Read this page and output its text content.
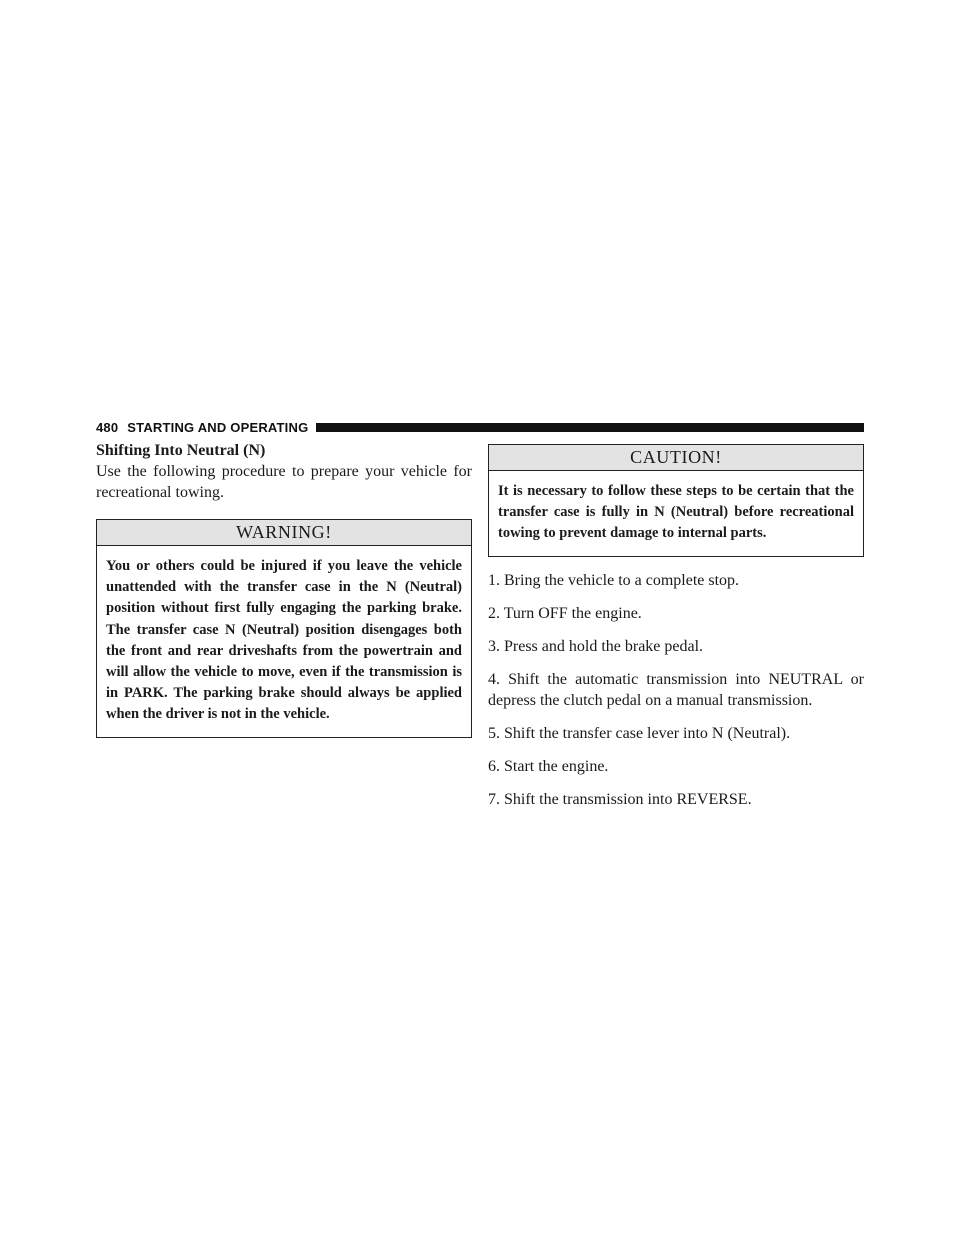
480 STARTING AND OPERATING
Shifting Into Neutral (N)

Use the following procedure to prepare your vehicle for recreational towing.

WARNING!
You or others could be injured if you leave the vehicle unattended with the transfer case in the N (Neutral) position without first fully engaging the parking brake. The transfer case N (Neutral) position disengages both the front and rear driveshafts from the powertrain and will allow the vehicle to move, even if the transmission is in PARK. The parking brake should always be applied when the driver is not in the vehicle.
CAUTION!
It is necessary to follow these steps to be certain that the transfer case is fully in N (Neutral) before recreational towing to prevent damage to internal parts.
1. Bring the vehicle to a complete stop.
2. Turn OFF the engine.
3. Press and hold the brake pedal.
4. Shift the automatic transmission into NEUTRAL or depress the clutch pedal on a manual transmission.
5. Shift the transfer case lever into N (Neutral).
6. Start the engine.
7. Shift the transmission into REVERSE.
